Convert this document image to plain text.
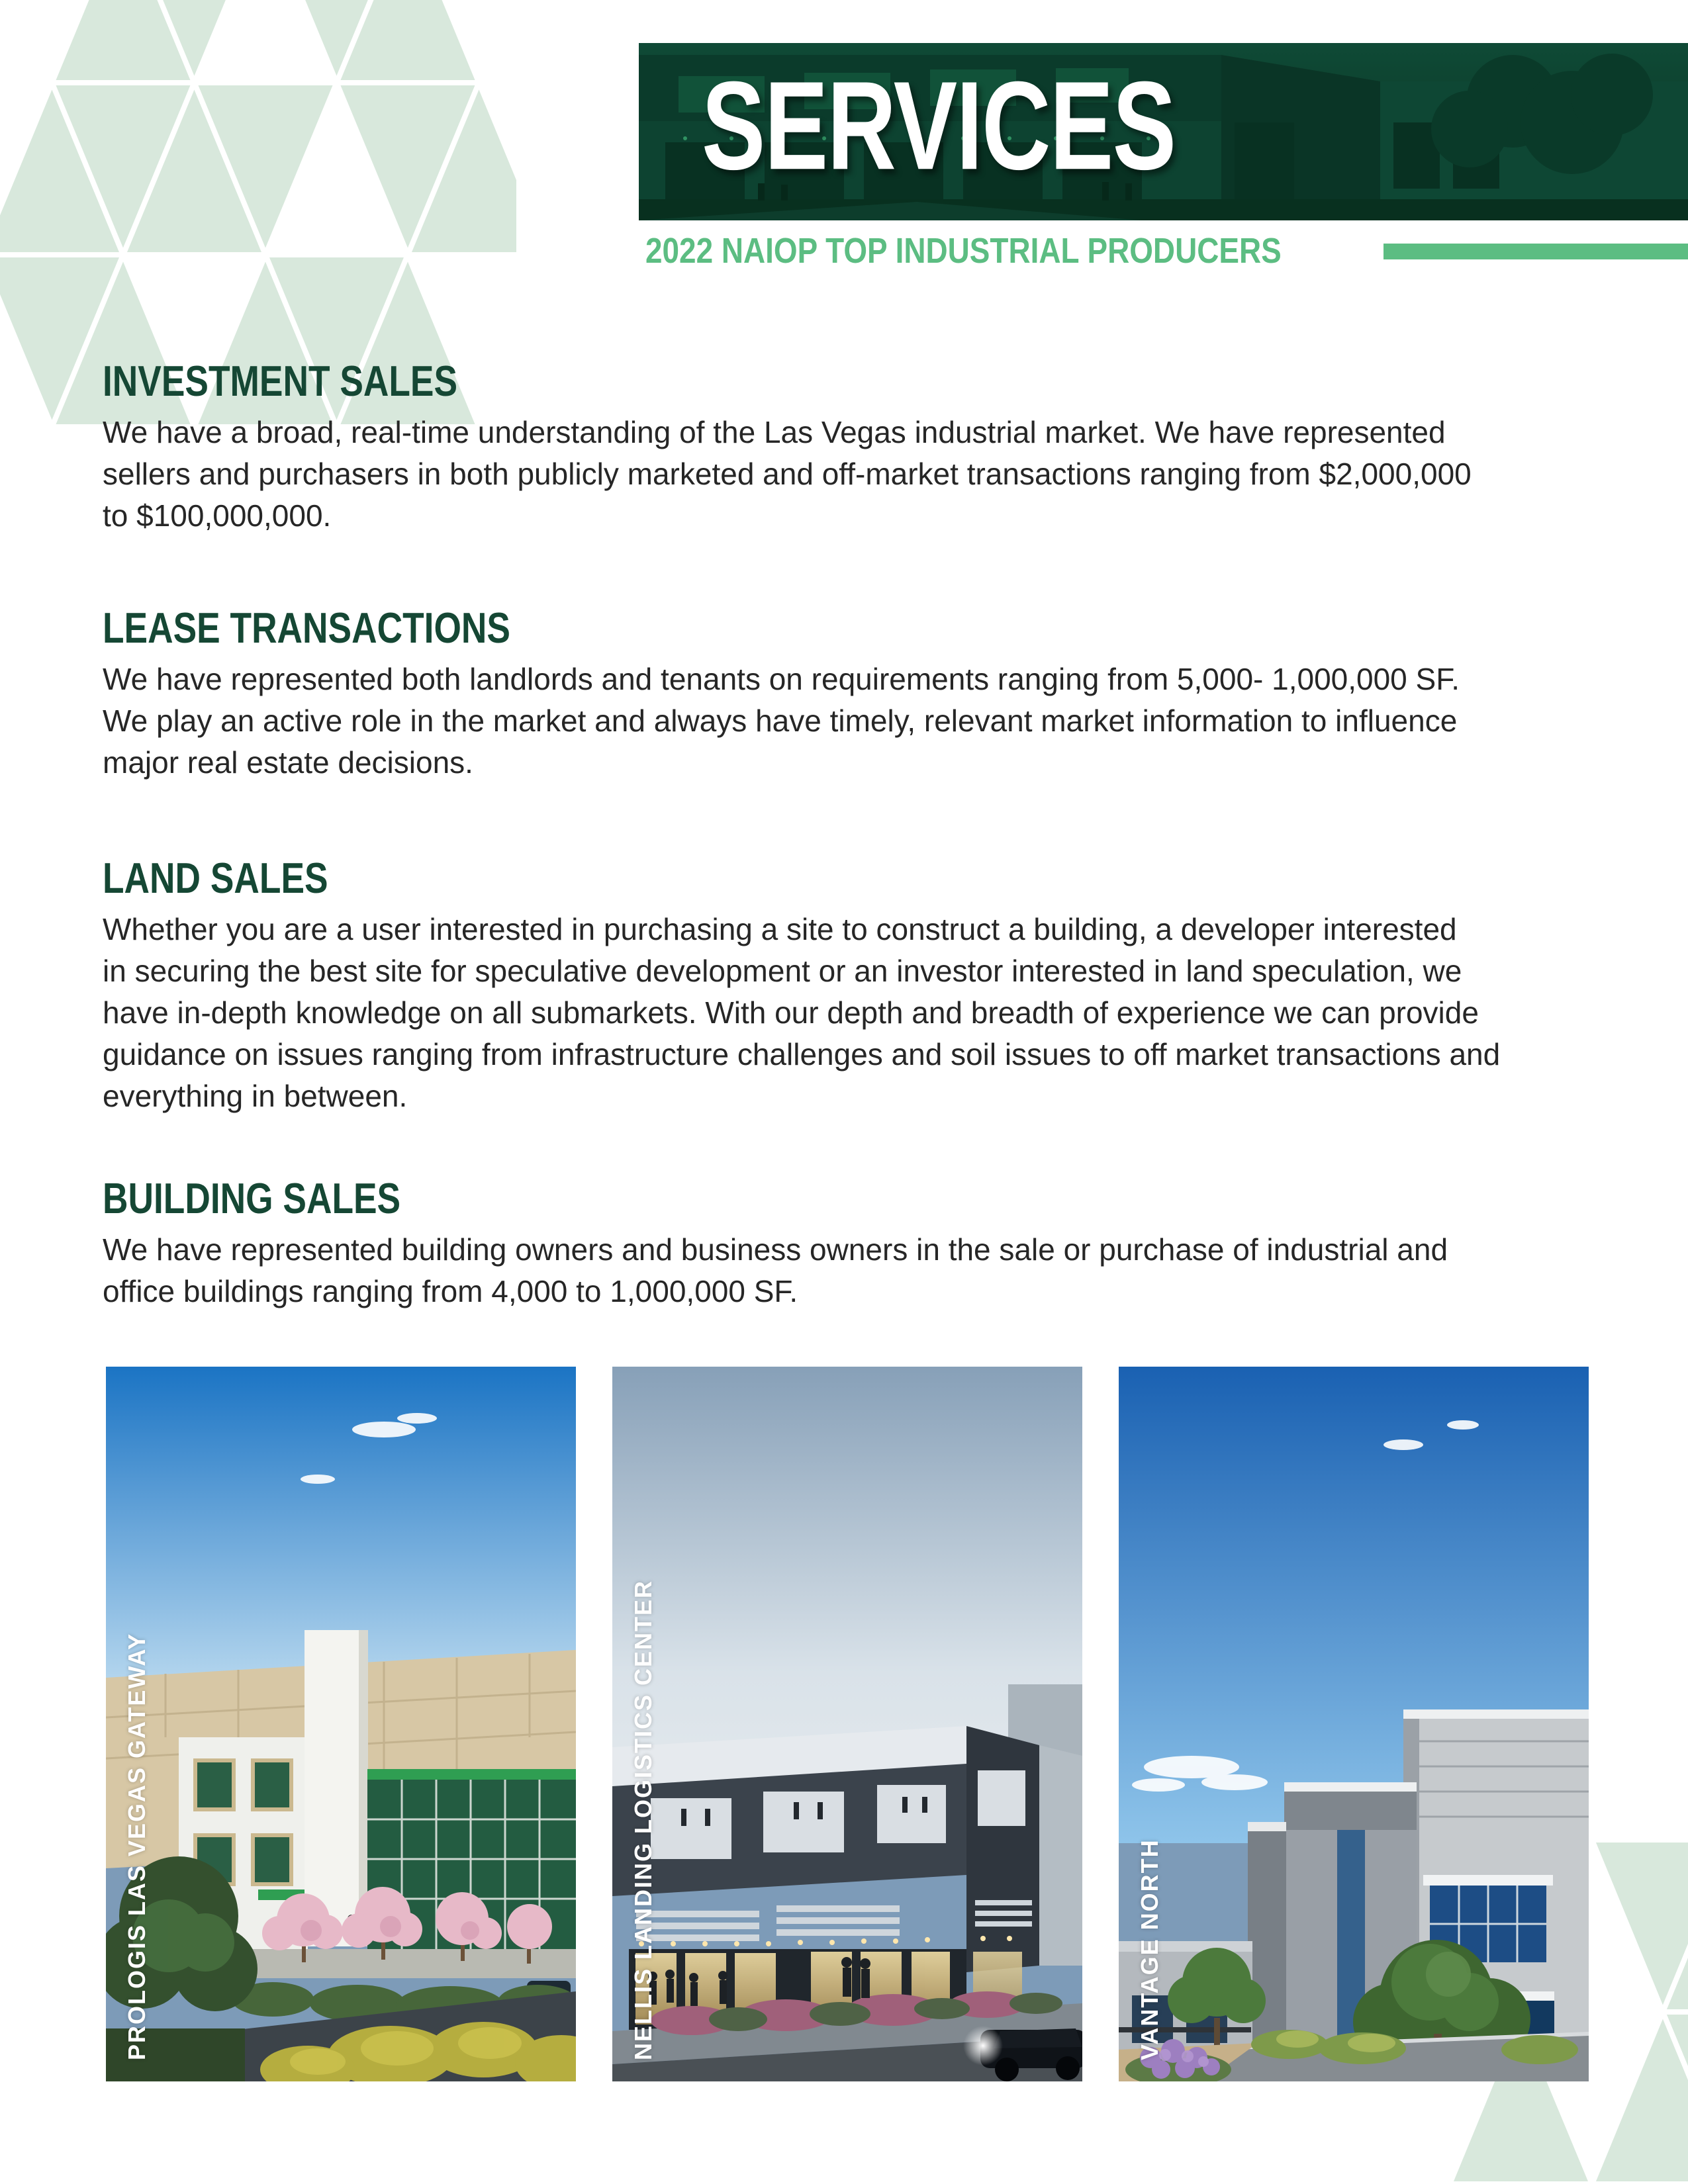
SERVICES
2022 NAIOP TOP INDUSTRIAL PRODUCERS
INVESTMENT SALES
We have a broad, real-time understanding of the Las Vegas industrial market. We have represented
sellers and purchasers in both publicly marketed and off-market transactions ranging from $2,000,000
to $100,000,000.
LEASE TRANSACTIONS
We have represented both landlords and tenants on requirements ranging from 5,000- 1,000,000 SF.
We play an active role in the market and always have timely, relevant market information to influence
major real estate decisions.
LAND SALES
Whether you are a user interested in purchasing a site to construct a building, a developer interested
in securing the best site for speculative development or an investor interested in land speculation, we
have in-depth knowledge on all submarkets. With our depth and breadth of experience we can provide
guidance on issues ranging from infrastructure challenges and soil issues to off market transactions and
everything in between.
BUILDING SALES
We have represented building owners and business owners in the sale or purchase of industrial and
office buildings ranging from 4,000 to 1,000,000 SF.
PROLOGIS LAS VEGAS GATEWAY	NELLIS LANDING LOGISTICS CENTER	VANTAGE NORTH
